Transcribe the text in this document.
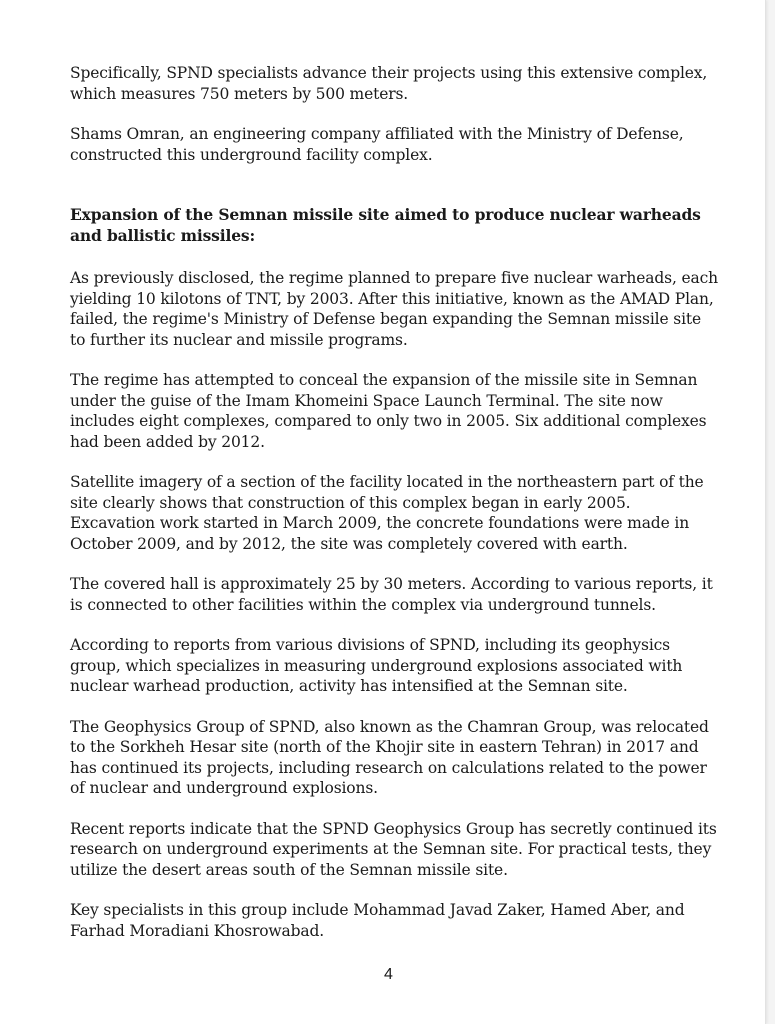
Specifically, SPND specialists advance their projects using this extensive complex, which measures 750 meters by 500 meters.

Shams Omran, an engineering company affiliated with the Ministry of Defense, constructed this underground facility complex.

Expansion of the Semnan missile site aimed to produce nuclear warheads and ballistic missiles:

As previously disclosed, the regime planned to prepare five nuclear warheads, each yielding 10 kilotons of TNT, by 2003. After this initiative, known as the AMAD Plan, failed, the regime's Ministry of Defense began expanding the Semnan missile site to further its nuclear and missile programs.

The regime has attempted to conceal the expansion of the missile site in Semnan under the guise of the Imam Khomeini Space Launch Terminal. The site now includes eight complexes, compared to only two in 2005. Six additional complexes had been added by 2012.

Satellite imagery of a section of the facility located in the northeastern part of the site clearly shows that construction of this complex began in early 2005. Excavation work started in March 2009, the concrete foundations were made in October 2009, and by 2012, the site was completely covered with earth.

The covered hall is approximately 25 by 30 meters. According to various reports, it is connected to other facilities within the complex via underground tunnels.

According to reports from various divisions of SPND, including its geophysics group, which specializes in measuring underground explosions associated with nuclear warhead production, activity has intensified at the Semnan site.

The Geophysics Group of SPND, also known as the Chamran Group, was relocated to the Sorkheh Hesar site (north of the Khojir site in eastern Tehran) in 2017 and has continued its projects, including research on calculations related to the power of nuclear and underground explosions.

Recent reports indicate that the SPND Geophysics Group has secretly continued its research on underground experiments at the Semnan site. For practical tests, they utilize the desert areas south of the Semnan missile site.

Key specialists in this group include Mohammad Javad Zaker, Hamed Aber, and Farhad Moradiani Khosrowabad.

4
